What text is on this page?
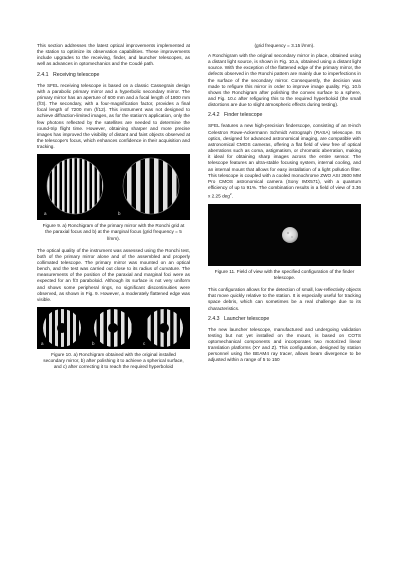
This section addresses the latest optical improvements implemented at the station to optimize its observation capabilities. These improvements include upgrades to the receiving, finder, and launcher telescopes, as well as advances in optomechanics and the Coudé path.

2.4.1 Receiving telescope

The SFEL receiving telescope is based on a classic Cassegrain design with a parabolic primary mirror and a hyperbolic secondary mirror. The primary mirror has an aperture of 600 mm and a focal length of 1800 mm (f/3). The secondary, with a four-magnification factor, provides a final focal length of 7200 mm (f/12). This instrument was not designed to achieve diffraction-limited images, as for the station's application, only the few photons reflected by the satellites are needed to determine the round-trip flight time. However, obtaining sharper and more precise images has improved the visibility of distant and faint objects observed at the telescope's focus, which enhances confidence in their acquisition and tracking.

a	b
Figure 9. a) Ronchigram of the primary mirror with the Ronchi grid at the paraxial focus and b) at the marginal focus (grid frequency = 5 l/mm).

The optical quality of the instrument was assessed using the Ronchi test, both of the primary mirror alone and of the assembled and properly collimated telescope. The primary mirror was mounted on an optical bench, and the test was carried out close to its radius of curvature. The measurements of the position of the paraxial and marginal foci were as expected for an f/3 paraboloid. Although its surface is not very uniform and shows some peripheral rings, no significant discontinuities were observed, as shown in Fig. 9. However, a moderately flattened edge was visible.

a	b	c
Figure 10. a) Ronchigram obtained with the original installed secondary mirror, b) after polishing it to achieve a spherical surface, and c) after correcting it to reach the required hyperboloid
(grid frequency = 3.15 l/mm).

A Ronchigram with the original secondary mirror in place, obtained using a distant light source, is shown in Fig. 10.a, obtained using a distant light source. With the exception of the flattened edge of the primary mirror, the defects observed in the Ronchi pattern are mainly due to imperfections in the surface of the secondary mirror. Consequently, the decision was made to refigure this mirror in order to improve image quality. Fig. 10.b shows the Ronchigram after polishing the convex surface to a sphere, and Fig. 10.c after refiguring this to the required hyperboloid (the small distortions are due to slight atmospheric effects during testing).

2.4.2 Finder telescope

SFEL features a new high-precision finderscope, consisting of an 8-inch Celestron Rowe-Ackermann Schmidt Astrograph (RASA) telescope. Its optics, designed for advanced astronomical imaging, are compatible with astronomical CMOS cameras, offering a flat field of view free of optical aberrations such as coma, astigmatism, or chromatic aberration, making it ideal for obtaining sharp images across the entire sensor. The telescope features an ultra-stable focusing system, internal cooling, and an internal mount that allows for easy installation of a light pollution filter. This telescope is coupled with a cooled monochrome ZWO ASI 2600 MM Pro CMOS astronomical camera (Sony IMX571), with a quantum efficiency of up to 91%. The combination results in a field of view of 3.36 x 2.25 deg$^2$.

Figure 11. Field of view with the specified configuration of the finder telescope.

This configuration allows for the detection of small, low-reflectivity objects that move quickly relative to the station. It is especially useful for tracking space debris, which can sometimes be a real challenge due to its characteristics.

2.4.3 Launcher telescope

The new launcher telescope, manufactured and undergoing validation testing but not yet installed on the mount, is based on COTS optomechanical components and incorporates two motorized linear translation platforms (XY and Z). This configuration, designed by station personnel using the BEAM4 ray tracer, allows beam divergence to be adjusted within a range of 5 to 150
